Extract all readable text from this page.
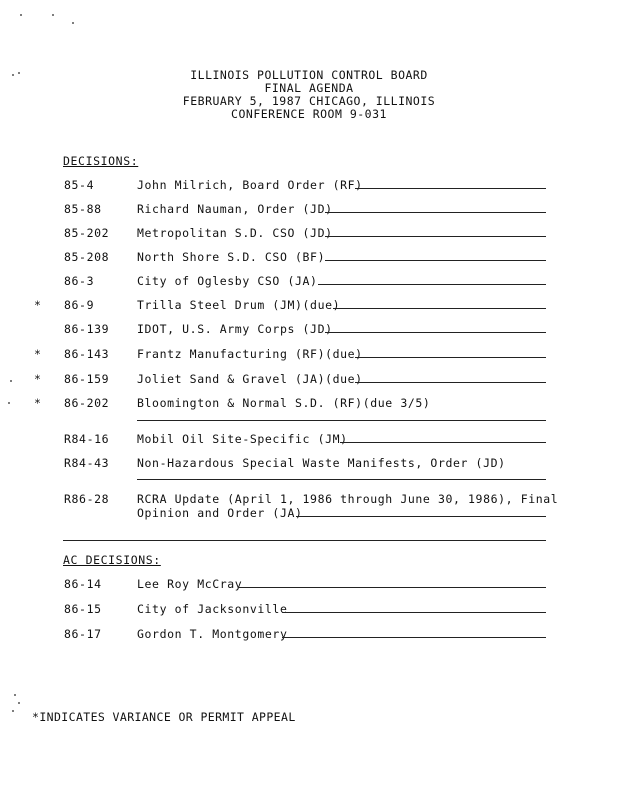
ILLINOIS POLLUTION CONTROL BOARD
FINAL AGENDA
FEBRUARY 5, 1987 CHICAGO, ILLINOIS
CONFERENCE ROOM 9-031
DECISIONS:
85-4	John Milrich, Board Order (RF)
85-88	Richard Nauman, Order (JD)
85-202 Metropolitan S.D. CSO (JD)
85-208 North Shore S.D. CSO (BF)
86-3	City of Oglesby CSO (JA)
* 86-9	Trilla Steel Drum (JM)(due)
86-139 IDOT, U.S. Army Corps (JD)
* 86-143 Frantz Manufacturing (RF)(due)
* 86-159 Joliet Sand & Gravel (JA)(due)
* 86-202 Bloomington & Normal S.D. (RF)(due 3/5)
R84-16 Mobil Oil Site-Specific (JM)
R84-43 Non-Hazardous Special Waste Manifests, Order (JD)
R86-28 RCRA Update (April 1, 1986 through June 30, 1986), Final
Opinion and Order (JA)
AC DECISIONS:
86-14	Lee Roy McCray
86-15	City of Jacksonville
86-17	Gordon T. Montgomery
*INDICATES VARIANCE OR PERMIT APPEAL
